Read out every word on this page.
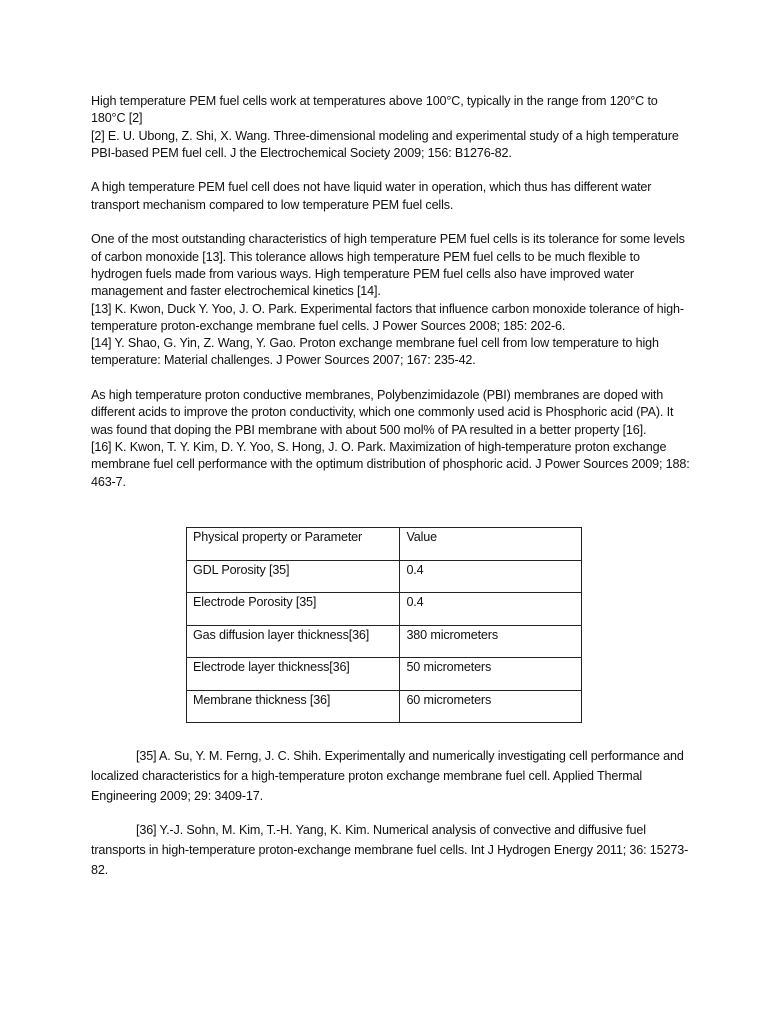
High temperature PEM fuel cells work at temperatures above 100°C, typically in the range from 120°C to 180°C [2]
[2] E. U. Ubong, Z. Shi, X. Wang. Three-dimensional modeling and experimental study of a high temperature PBI-based PEM fuel cell. J the Electrochemical Society 2009; 156: B1276-82.

A high temperature PEM fuel cell does not have liquid water in operation, which thus has different water transport mechanism compared to low temperature PEM fuel cells.

One of the most outstanding characteristics of high temperature PEM fuel cells is its tolerance for some levels of carbon monoxide [13]. This tolerance allows high temperature PEM fuel cells to be much flexible to hydrogen fuels made from various ways. High temperature PEM fuel cells also have improved water management and faster electrochemical kinetics [14].
[13] K. Kwon, Duck Y. Yoo, J. O. Park. Experimental factors that influence carbon monoxide tolerance of high-temperature proton-exchange membrane fuel cells. J Power Sources 2008; 185: 202-6.
[14] Y. Shao, G. Yin, Z. Wang, Y. Gao. Proton exchange membrane fuel cell from low temperature to high temperature: Material challenges. J Power Sources 2007; 167: 235-42.

As high temperature proton conductive membranes, Polybenzimidazole (PBI) membranes are doped with different acids to improve the proton conductivity, which one commonly used acid is Phosphoric acid (PA). It was found that doping the PBI membrane with about 500 mol% of PA resulted in a better property [16].
[16] K. Kwon, T. Y. Kim, D. Y. Yoo, S. Hong, J. O. Park. Maximization of high-temperature proton exchange membrane fuel cell performance with the optimum distribution of phosphoric acid. J Power Sources 2009; 188: 463-7.

Physical property or Parameter	Value
GDL Porosity [35]	0.4
Electrode Porosity [35]	0.4
Gas diffusion layer thickness[36]	380 micrometers
Electrode layer thickness[36]	50 micrometers
Membrane thickness [36]	60 micrometers

[35] A. Su, Y. M. Ferng, J. C. Shih. Experimentally and numerically investigating cell performance and localized characteristics for a high-temperature proton exchange membrane fuel cell. Applied Thermal Engineering 2009; 29: 3409-17.

[36] Y.-J. Sohn, M. Kim, T.-H. Yang, K. Kim. Numerical analysis of convective and diffusive fuel transports in high-temperature proton-exchange membrane fuel cells. Int J Hydrogen Energy 2011; 36: 15273-82.
